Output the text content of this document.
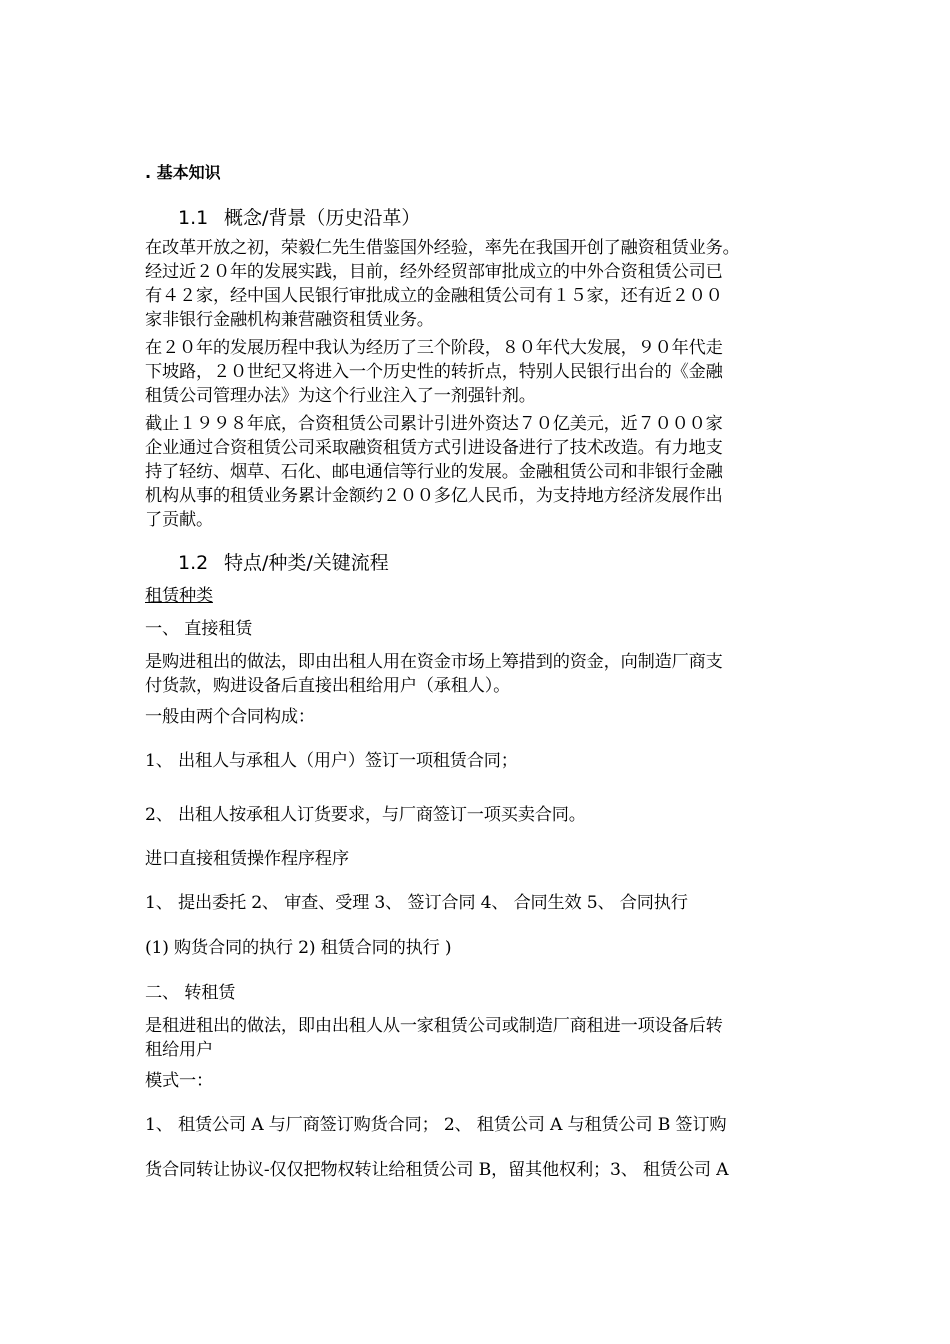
. 基本知识
1.1 概念/背景（历史沿革）
在改革开放之初，荣毅仁先生借鉴国外经验，率先在我国开创了融资租赁业务。
经过近２０年的发展实践，目前，经外经贸部审批成立的中外合资租赁公司已
有４２家，经中国人民银行审批成立的金融租赁公司有１５家，还有近２００
家非银行金融机构兼营融资租赁业务。
在２０年的发展历程中我认为经历了三个阶段，８０年代大发展，９０年代走
下坡路，２０世纪又将进入一个历史性的转折点，特别人民银行出台的《金融
租赁公司管理办法》为这个行业注入了一剂强针剂。
截止１９９８年底，合资租赁公司累计引进外资达７０亿美元，近７０００家
企业通过合资租赁公司采取融资租赁方式引进设备进行了技术改造。有力地支
持了轻纺、烟草、石化、邮电通信等行业的发展。金融租赁公司和非银行金融
机构从事的租赁业务累计金额约２００多亿人民币，为支持地方经济发展作出
了贡献。
1.2 特点/种类/关键流程
租赁种类
一、 直接租赁
是购进租出的做法，即由出租人用在资金市场上筹措到的资金，向制造厂商支
付货款，购进设备后直接出租给用户（承租人）。
一般由两个合同构成：
1、 出租人与承租人（用户）签订一项租赁合同；
2、 出租人按承租人订货要求，与厂商签订一项买卖合同。
进口直接租赁操作程序程序
1、 提出委托 2、 审查、受理 3、 签订合同 4、 合同生效 5、 合同执行
(1) 购货合同的执行 2) 租赁合同的执行 )
二、 转租赁
是租进租出的做法，即由出租人从一家租赁公司或制造厂商租进一项设备后转
租给用户
模式一：
1、 租赁公司 A 与厂商签订购货合同； 2、 租赁公司 A 与租赁公司 B 签订购
货合同转让协议-仅仅把物权转让给租赁公司 B，留其他权利；3、 租赁公司 A
